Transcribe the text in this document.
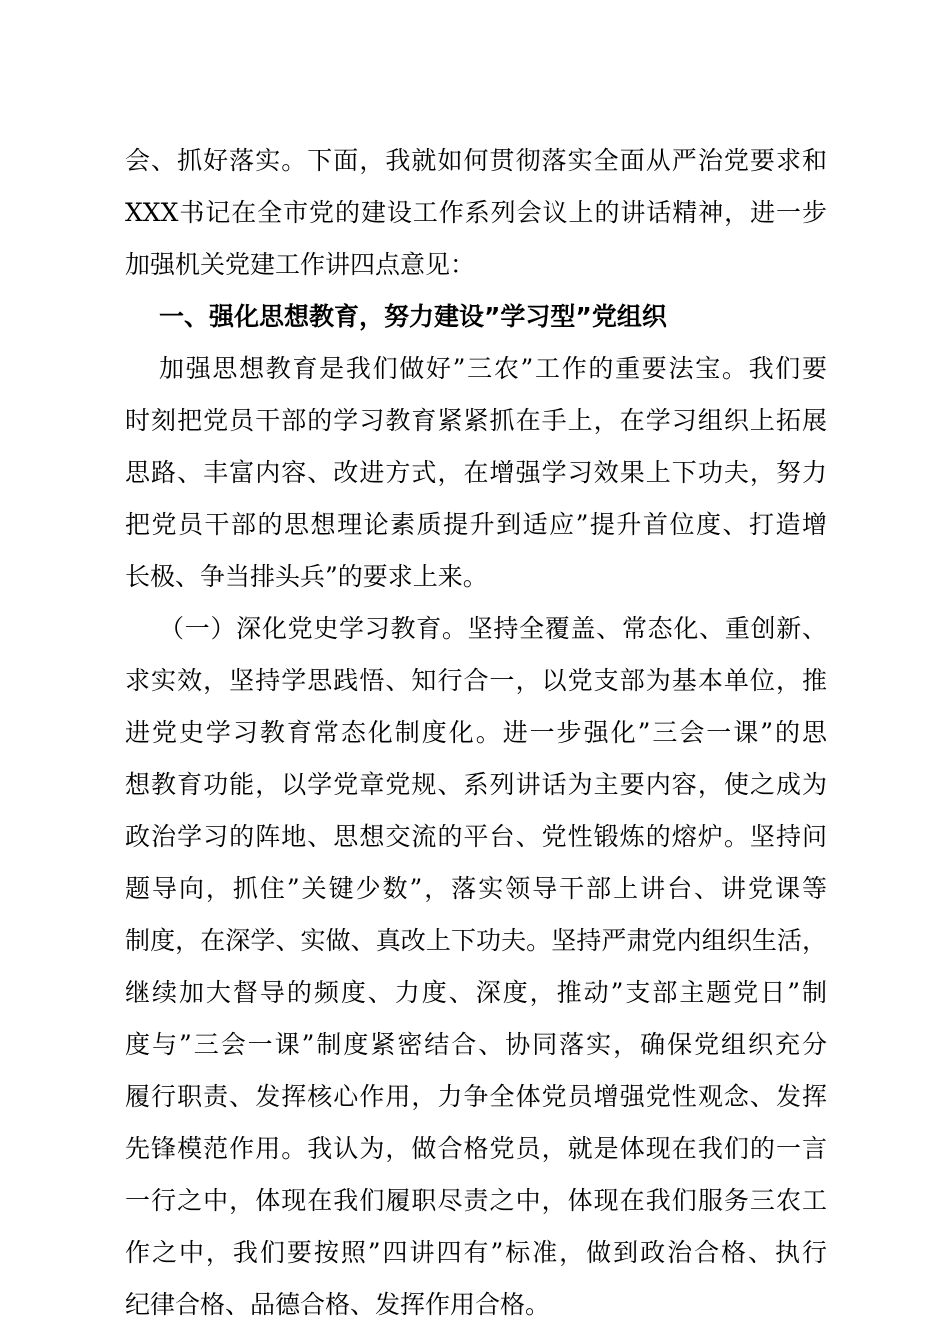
会、抓好落实。下面，我就如何贯彻落实全面从严治党要求和
XXX书记在全市党的建设工作系列会议上的讲话精神，进一步
加强机关党建工作讲四点意见：
一、强化思想教育，努力建设”学习型”党组织
加强思想教育是我们做好”三农”工作的重要法宝。我们要
时刻把党员干部的学习教育紧紧抓在手上，在学习组织上拓展
思路、丰富内容、改进方式，在增强学习效果上下功夫，努力
把党员干部的思想理论素质提升到适应”提升首位度、打造增
长极、争当排头兵”的要求上来。
（一）深化党史学习教育。坚持全覆盖、常态化、重创新、
求实效，坚持学思践悟、知行合一，以党支部为基本单位，推
进党史学习教育常态化制度化。进一步强化”三会一课”的思
想教育功能，以学党章党规、系列讲话为主要内容，使之成为
政治学习的阵地、思想交流的平台、党性锻炼的熔炉。坚持问
题导向，抓住”关键少数”，落实领导干部上讲台、讲党课等
制度，在深学、实做、真改上下功夫。坚持严肃党内组织生活，
继续加大督导的频度、力度、深度，推动”支部主题党日”制
度与”三会一课”制度紧密结合、协同落实，确保党组织充分
履行职责、发挥核心作用，力争全体党员增强党性观念、发挥
先锋模范作用。我认为，做合格党员，就是体现在我们的一言
一行之中，体现在我们履职尽责之中，体现在我们服务三农工
作之中，我们要按照”四讲四有”标准，做到政治合格、执行
纪律合格、品德合格、发挥作用合格。
